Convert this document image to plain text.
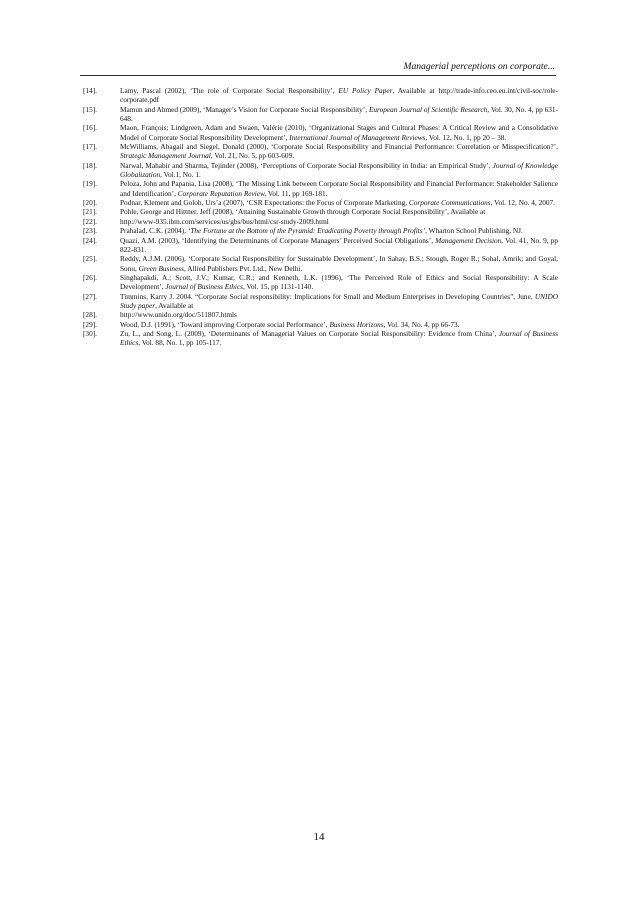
Managerial perceptions on corporate...
[14].	Lamy, Pascal (2002), ‘The role of Corporate Social Responsibility’, EU Policy Paper, Available at http://trade-info.ceo.eu.int/civil-soc/role-corporate.pdf
[15].	Mamun and Ahmed (2009), ‘Manager’s Vision for Corporate Social Responsibility’, European Journal of Scientific Research, Vol. 30, No. 4, pp 631-648.
[16].	Maon, François; Lindgreen, Adam and Swaen, Valérie (2010), ‘Organizational Stages and Cultural Phases: A Critical Review and a Consolidative Model of Corporate Social Responsibility Development’, International Journal of Management Reviews, Vol. 12, No. 1, pp 20 – 38.
[17].	McWilliams, Abagail and Siegel, Donald (2000), ‘Corporate Social Responsibility and Financial Performance: Correlation or Misspecification?’, Strategic Management Journal, Vol. 21, No. 5, pp 603-609.
[18].	Narwal, Mahabir and Sharma, Tejinder (2008), ‘Perceptions of Corporate Social Responsibility in India: an Empirical Study’, Journal of Knowledge Globalization, Vol.1, No. 1.
[19].	Peloza, John and Papania, Lisa (2008), ‘The Missing Link between Corporate Social Responsibility and Financial Performance: Stakeholder Salience and Identification’, Corporate Reputation Review, Vol. 11, pp 169-181.
[20].	Podnar, Klement and Golob, Urs’a (2007), ‘CSR Expectations: the Focus of Corporate Marketing, Corporate Communications, Vol. 12, No. 4, 2007.
[21].	Pohle, George and Hittner, Jeff (2008), ‘Attaining Sustainable Growth through Corporate Social Responsibility’, Available at
[22].	http://www-935.ibm.com/services/us/gbs/bus/html/csr-study-2009.html
[23].	Prahalad, C.K. (2004), ‘The Fortune at the Bottom of the Pyramid: Eradicating Poverty through Profits’, Wharton School Publishing, NJ.
[24].	Quazi, A.M. (2003), ‘Identifying the Determinants of Corporate Managers’ Perceived Social Obligations’, Management Decision, Vol. 41, No. 9, pp 822-831.
[25].	Reddy, A.J.M. (2006), ‘Corporate Social Responsibility for Sustainable Development’, In Sahay, B.S.; Stough, Roger R.; Sohal, Amrik; and Goyal, Sonu, Green Business, Allied Publishers Pvt. Ltd., New Delhi.
[26].	Singhapakdi, A.; Scott, J.V.; Kumar, C.R.; and Kenneth, L.K. (1996), ‘The Perceived Role of Ethics and Social Responsibility: A Scale Development’, Journal of Business Ethics, Vol. 15, pp 1131-1140.
[27].	Timmins, Karry J. 2004. “Corporate Social responsibility: Implications for Small and Medium Enterprises in Developing Countries”, June, UNIDO Study paper, Available at
[28].	http://www.unido.org/doc/511807.htmls
[29].	Wood, D.J. (1991), ‘Toward improving Corporate social Performance’, Business Horizons, Vol. 34, No. 4, pp 66-73.
[30].	Zu, L., and Song, L. (2009), ‘Determinants of Managerial Values on Corporate Social Responsibility: Evidence from China’, Journal of Business Ethics, Vol. 88, No. 1, pp 105-117.
14
